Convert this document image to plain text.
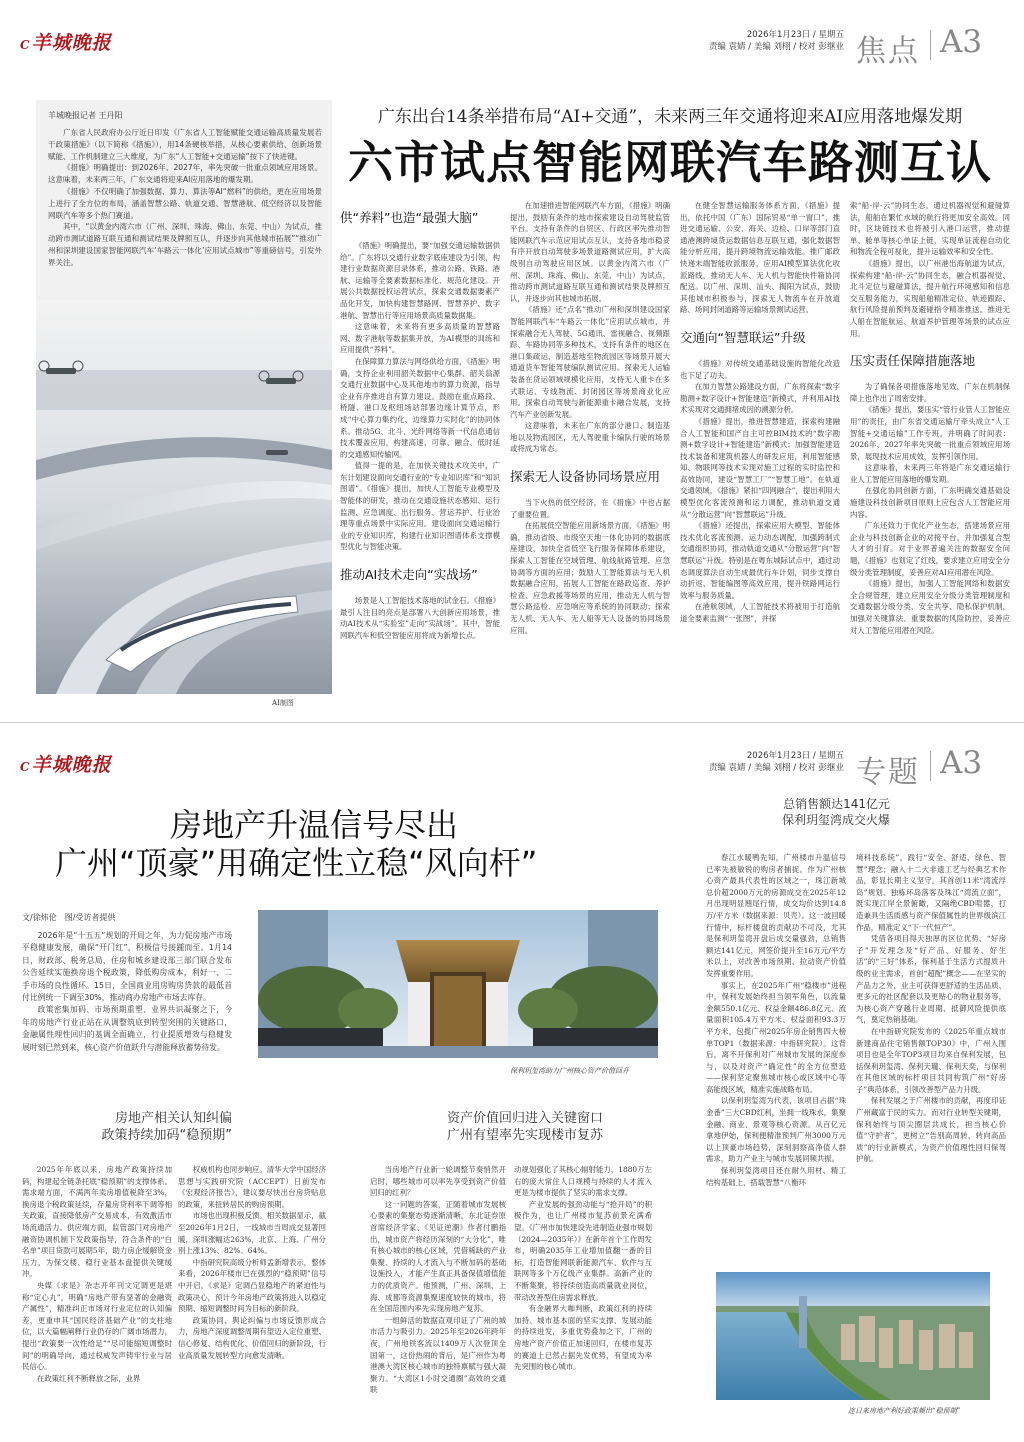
C羊城晚报	2026年1月23日 / 星期五
责编 袁婧 / 美编 刘栩 / 校对 彭继业 焦点 A3
羊城晚报记者 王丹阳

广东省人民政府办公厅近日印发《广东省人工智能赋能交通运输高质量发展若干政策措施》（以下简称《措施》），用14条硬核举措，从核心要素供给、创新场景赋能、工作机制建立三大维度，为广东“人工智能+交通运输”按下了快进键。

《措施》明确提出：到2026年、2027年，率先突破一批重点领域应用场景。这意味着，未来两三年，广东交通将迎来AI应用落地的爆发期。

《措施》不仅明确了加强数据、算力、算法等AI“燃料”的供给，更在应用场景上进行了全方位的布局，涵盖智慧公路、轨道交通、智慧港航、低空经济以及智能网联汽车等多个热门赛道。

其中，“以黄金内湾六市（广州、深圳、珠海、佛山、东莞、中山）为试点，推动跨市测试道路互联互通和测试结果及牌照互认，并逐步向其他城市拓展”“推动广州和深圳建设国家智能网联汽车‘车路云一体化’应用试点城市”等重磅信号，引发外界关注。

AI制图
广东出台14条举措布局“AI+交通”，未来两三年交通将迎来AI应用落地爆发期
六市试点智能网联汽车路测互认
供“养料”也造“最强大脑”

《措施》明确提出，要“加强交通运输数据供给”。广东将以交通行业数字底座建设为引领，构建行业数据资源目录体系，推动公路、铁路、港航、运输等全要素数据标准化、规范化建设。开展公共数据授权运营试点，探索交通数据要素产品化开发，加快构建智慧路网、智慧养护、数字港航、智慧出行等应用场景高质量数据集。

这意味着，未来将有更多高质量的智慧路网、数字港航等数据集开放，为AI模型的训练和应用提供“养料”。

在保障算力算法与网络供给方面，《措施》明确，支持企业利用韶关数据中心集群、韶关翁源交通行业数据中心及其他地市的算力资源，指导企业有序推进自有算力建设。鼓励在重点路段、桥隧、港口及枢纽场站部署边缘计算节点，形成“中心算力集约化、边缘算力实时化”的协同体系。推动5G、北斗、光纤网络等新一代信息通信技术覆盖应用，构建高速、可靠、融合、低时延的交通感知传输网。

值得一提的是，在加快关键技术攻关中，广东计划建设面向交通行业的“专业知识库”和“知识图谱”。《措施》提出，加快人工智能专业模型及智能体的研发，推动在交通设施状态感知、运行监测、应急调度、出行服务、营运养护、行业治理等重点场景中实际应用。建设面向交通运输行业的专业知识库，构建行业知识图谱体系支撑模型优化与智能决策。

推动AI技术走向“实战场”

场景是人工智能技术落地的试金石。《措施》最引人注目的亮点是部署八大创新应用场景，推动AI技术从“实验室”走向“实战场”。其中，智能网联汽车和低空智能应用将成为新增长点。

在加速推进智能网联汽车方面，《措施》明确提出，鼓励有条件的地市探索建设自动驾驶监管平台。支持有条件的自贸区、行政区率先推动智能网联汽车示范应用试点互认，支持各地市稳妥有序开放自动驾驶多场景道路测试应用，扩大高级别自动驾驶应用区域。以黄金内湾六市（广州、深圳、珠海、佛山、东莞、中山）为试点，推动跨市测试道路互联互通和测试结果及牌照互认，并逐步向其他城市拓展。

《措施》还“点名”推动广州和深圳建设国家智能网联汽车“车路云一体化”应用试点城市，并探索融合无人驾驶、5G通讯、雷视融合、视频跟踪、车路协同等多种技术，支持有条件的地区在港口集疏运、制造基地至物流园区等场景开展大通道货车智能驾驶编队测试应用。探索无人运输装备在货运领域规模化应用，支持无人重卡在多式联运、专线物流、封闭园区等场景商业化应用。探索自动驾驶与新能源重卡融合发展，支持汽车产业创新发展。

这意味着，未来在广东的部分港口、制造基地以及物流园区，无人驾驶重卡编队行驶的场景或将成为常态。

探索无人设备协同场景应用

当下火热的低空经济，在《措施》中也占据了重要位置。

在拓展低空智能应用新场景方面，《措施》明确，推动省级、市级空天地一体化协同的数据底座建设，加快全省低空飞行服务保障体系建设，探索人工智能在空域管理、航线航路管理、应急协调等方面的应用；鼓励人工智能算法与无人机数据融合应用，拓展人工智能在路政巡查、养护检查、应急救援等场景的应用，推动无人机与智慧公路巡检、应急响应等系统的协同联动；探索无人机、无人车、无人船等无人设备的协同场景应用。

在健全智慧运输服务体系方面，《措施》提出，依托中国（广东）国际贸易“单一窗口”，推进交通运输、公安、海关、边检、口岸等部门直通港澳跨境货运数据信息互联互通，强化数据智能分析应用，提升跨境物流运输效能。推广邮政快递末端智能收派服务，应用AI模型算法优化收派路线，推动无人车、无人机与智能快件箱协同配送。以广州、深圳、汕头、揭阳为试点，鼓励其他城市积极参与，探索无人物流车在开放道路、场间封闭道路等运输场景测试运营。

交通向“智慧联运”升级

《措施》对传统交通基础设施的智能化改造也下足了功夫。

在加力智慧公路建设方面，广东将探索“数字勘测+数字设计+智能建造”新模式，并利用AI技术实现对交通拥堵成因的溯源分析。

《措施》提出，推进智慧建造，探索构建融合人工智能和国产自主可控BIM技术的“数字勘测+数字设计+智能建造”新模式；加强智能建造技术装备和建筑机器人的研发应用，利用智能感知、物联网等技术实现对施工过程的实时监控和高效协同，建设“智慧工厂”“智慧工地”。在轨道交通领域，《措施》紧扣“四网融合”，提出利用大模型优化客流预测和运力调配，推动轨道交通从“分散运营”向“智慧联运”升级。

《措施》还提出，探索应用大模型、智能体技术优化客流预测、运力动态调配，加强跨制式交通组织协同，推动轨道交通从“分散运营”向“智慧联运”升级。特别是在粤东城际试点中，通过动态调度算法自动生成最优行车计划，同步支撑自动折返、智能编图等高效应用，提升铁路网运行效率与服务质量。

在港航领域，人工智能技术将被用于打造航道全要素监测“一张图”，并探

索“船-岸-云”协同生态。通过机器视觉和避碰算法，船舶在繁忙水域的航行将更加安全高效。同时，区块链技术也将被引入港口运营，推动提单、舱单等核心单证上链，实现单证流程自动化和物流全程可视化，提升运输效率和安全性。

《措施》提出，以广州港出海航道为试点，探索构建“船-岸-云”协同生态，融合机器视觉、北斗定位与避碰算法，提升航行环境感知和信息交互服务能力，实现船舶精准定位、轨迹跟踪、航行风险提前预判及避碰指令精准推送。推进无人船在智能航运、航道养护管理等场景的试点应用。

压实责任保障措施落地

为了确保各项措施落地见效，广东在机制保障上也作出了周密安排。

《措施》提出，要压实“管行业管人工智能应用”的责任，由广东省交通运输厅牵头成立“人工智能+交通运输”工作专班。并明确了时间表：2026年、2027年率先突破一批重点领域应用场景，展现技术应用成效，发挥引领作用。

这意味着，未来两三年将是广东交通运输行业人工智能应用落地的爆发期。

在强化协同创新方面，广东明确交通基础设施建设科技创新项目原则上应包含人工智能应用内容。

广东还致力于优化产业生态，搭建场景应用企业与科技创新企业的对接平台，并加强复合型人才的引育。对于业界普遍关注的数据安全问题，《措施》也划定了红线，要求建立应用安全分级分类管理制度，妥善应对AI应用潜在风险。

《措施》提出，加强人工智能网络和数据安全合规管理，建立应用安全分级分类管理制度和交通数据分级分类、安全共享、隐私保护机制，加强对关键算法、重要数据的风险防控，妥善应对人工智能应用潜在风险。

C羊城晚报	2026年1月23日 / 星期五
责编 袁婧 / 美编 刘栩 / 校对 彭继业 专题 A3
房地产升温信号尽出
广州“顶豪”用确定性立稳“风向杆”
总销售额达141亿元
保利玥玺湾成交火爆
文/徐炜伦　图/受访者提供

2026年是“十五五”规划的开局之年，为力促房地产市场平稳健康发展，确保“开门红”，积极信号接踵而至。1月14日，财政部、税务总局、住房和城乡建设部三部门联合发布公告延续实施换房退个税政策，降低购房成本，利好一、二手市场的良性循环。15日，全国商业用房购房贷款的最低首付比例统一下调至30%，推动商办房地产市场去库存。

政策密集加码、市场预期重塑、业界共识凝聚之下，今年的房地产行业正站在从调整筑底到转型突围的关键路口，金融属性理性回归的基调全面确立，行业提质增效与稳健发展时刻已然到来，核心资产价值跃升与潜能释放蓄势待发。

保利玥玺湾助力广州核心资产价值回升
房地产相关认知纠偏
政策持续加码“稳预期”
资产价值回归进入关键窗口
广州有望率先实现楼市复苏

2025年年底以来，房地产政策持续加码，构建起全链条托底“稳预期”的支撑体系。需求端方面，不满两年卖房增值税降至3%，换房退个税政策延续，存量房贷利率下调等相关政策，直接降低房产交易成本，有效激活市场流通活力。供应端方面，监管部门对房地产融资协调机制下发政策指导，符合条件的“白名单”项目贷款可展期5年，助力房企缓解资金压力，为保交楼、稳行业基本盘提供关键缓冲。

央媒《求是》杂志开年刊文定调更是堪称“定心丸”，明确“房地产带有显著的金融资产属性”，精准纠正市场对行业定位的认知偏差，更重申其“国民经济基础产业”的支柱地位，以大篇幅阐释行业仍存的广阔市场潜力，提出“政策要一次性给足”“尽可能缩短调整时间”的明确导向，通过权威发声铸牢行业与居民信心。

在政策红利不断释放之际，业界

权威机构也同步响应。清华大学中国经济思想与实践研究院（ACCEPT）日前发布《宏观经济报告》，建议要尽快出台房贷贴息的政策，来扭转居民的购房预期。

市场也出现积极反馈。相关数据显示，截至2026年1月2日，一线城市当周成交显著回暖，深圳涨幅达263%，北京、上海、广州分别上涨13%、82%、64%。

中指研究院高级分析师孟新增表示，整体来看，2026年楼市已在强烈的“稳预期”信号中开启，《求是》定调凸显稳地产的紧迫性与政策决心，预计今年房地产政策将进入以稳定预期、缩短调整时间为目标的新阶段。

政策协同、舆论纠偏与市场反馈形成合力，房地产深度调整周期有望迈入定位重塑、信心修复、结构优化、价值回归的新阶段，行业高质量发展转型方向愈发清晰。

当房地产行业新一轮调整节奏悄然开启时，哪些城市可以率先享受到资产价值回归的红利？

这一问题的答案，正随着城市发展核心要素的集聚态势逐渐清晰。东北证券原首席经济学家、《见证逆潮》作者付鹏指出，城市资产将经历深刻的“大分化”，唯有核心城市的核心区域，凭借稀缺的产业集聚、持续的人才流入与不断加码的基础设施投入，才能产生真正具备保值增值能力的优质资产。他预测，广州、深圳、上海、成都等资源集聚速度较快的城市，将在全国范围内率先实现房地产复苏。

一组鲜活的数据直观印证了广州的城市活力与吸引力。2025年至2026年跨年夜，广州地铁客流以1409万人次登顶全国第一，这份热闹的背后，是广州作为粤港澳大湾区核心城市的独特禀赋与强大凝聚力。“大湾区1小时交通圈”高效的交通联

动规划强化了其核心辐射能力，1880万左右的庞大常住人口规模与持续的人才流入更是为楼市提供了坚实的需求支撑。

产业发展的强劲动能与“抢开局”的积极作为，也让广州楼市复苏前景充满希望。《广州市加快建设先进制造业强市规划（2024—2035年）》在新年首个工作周发布，明确2035年工业增加值翻一番的目标，打造智能网联新能源汽车、软件与互联网等多个万亿级产业集群。高新产业的不断集聚，将持续创造高质量就业岗位，带动改善型住房需求释放。

有金融界大咖判断，政策红利的持续加持、城市基本面的坚实支撑、发展动能的持续迸发，多重优势叠加之下，广州的房地产资产价值正加速回归，在楼市复苏的赛道上已然占据先发优势，有望成为率先突围的核心城市。

春江水暖鸭先知，广州楼市升温信号已率先被敏锐的购房者捕捉。作为广州核心资产最具代表性的区域之一，珠江新城总价超2000万元的房源成交在2025年12月出现明显翘尾行情，成交均价达到14.8万/平方米（数据来源：贝壳）。这一波回暖行情中，标杆楼盘的贡献功不可没，尤其是保利玥玺湾开盘后成交量强劲，总销售额达141亿元，网签价提升至16万元/平方米以上，对改善市场预期、拉动资产价值发挥重要作用。

事实上，在2025年广州“稳楼市”进程中，保利发展始终担当领军角色，以流量金额550.1亿元、权益金额486.8亿元、流量面积105.4万平方米、权益面积93.3万平方米，包揽广州2025年房企销售四大榜单TOP1（数据来源：中指研究院）。这背后，离不开保利对广州城市发展的深度参与，以及对资产“确定性”的全方位塑造——保利坚定聚焦城市核心或区域中心等高能级区域，精准实施战略布局。

以保利玥玺湾为代表，该项目占据“珠金番”三大CBD红利，坐拥一线珠水，集聚金融、商业、景观等核心资源。从百亿元拿地伊始，保利便精准预判广州3000万元以上顶豪市场趋势，深刻洞察高净值人群需求，助力产业主与城市发展同频共振。

保利玥玺湾项目还在耐久用材、精工结构基础上，搭载智慧“八衡环

境科技系统”，践行“安全、舒适、绿色、智慧”理念；融入十二大非遗工艺与经典艺术作品，彰显长期主义坚守。其首创11米“湾流浮岛”规划、独栋环岛落客及珠江“湾流立面”，既实现江岸全景俯瞰，又隔绝CBD喧嚣，打造兼具生活质感与资产保值属性的世界级滨江作品，精准定义“下一代恒产”。

凭借各项目得天独厚的区位优势、“好房子”开发理念及“好产品、好服务、好生活”的“三好”体系，保利基于生活方式提质升级的业主需求，首创“超配”概念——在坚实的产品力之外，业主可获得更舒适的生活品质、更多元的社区配套以及更贴心的物业服务等，为核心资产穿越行业周期、抵御风险提供底气，奠定热销基础。

在中指研究院发布的《2025年重点城市新建商品住宅销售额TOP30》中，广州入围项目也是全年TOP3项目均来自保利发展，包括保利玥玺湾、保利天瓏、保利天奕，与保利在其他区域的标杆项目共同构筑广州“好房子”典范体系，引领改善型产品力升级。

保利发展之于广州楼市的贡献，再度印证广州藏富于民的实力。而对行业转型关键期，保利始终与顶尖圈层共成长，担当核心价值“守护者”，更树立“告别高周转、转向高品质”的行业新模式，为资产价值理性回归保驾护航。

连日来房地产利好政策频出“稳预期”
